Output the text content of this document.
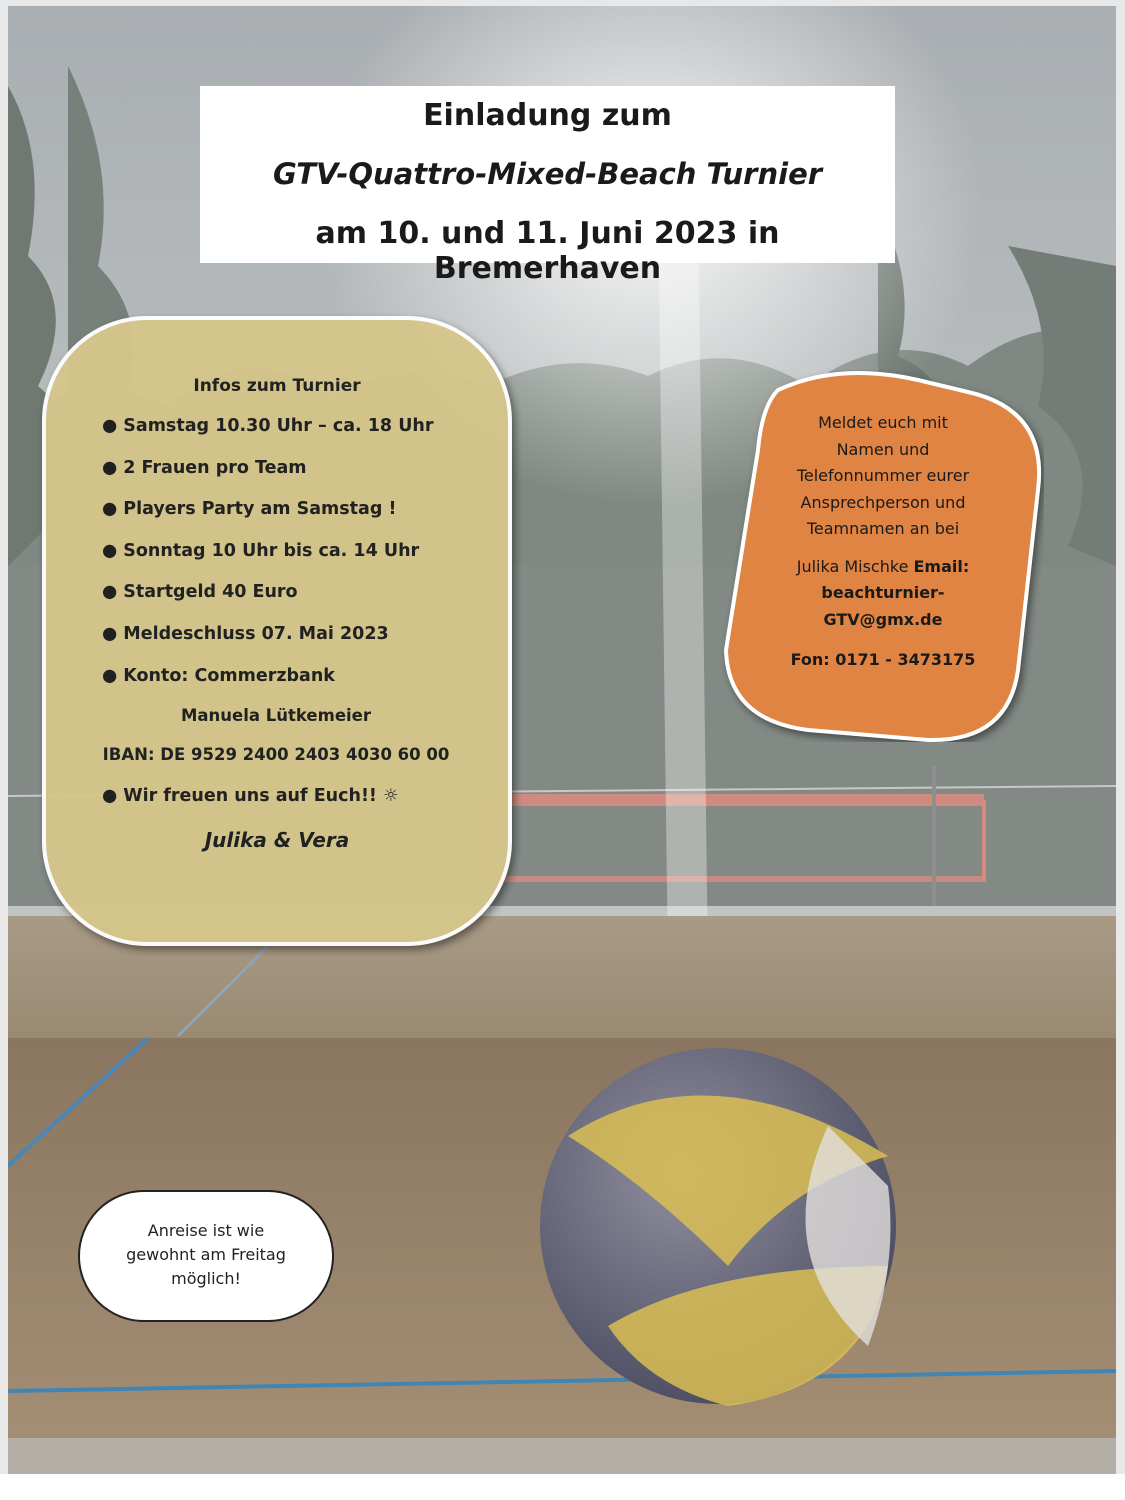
Einladung zum
GTV-Quattro-Mixed-Beach Turnier
am 10. und 11. Juni 2023 in Bremerhaven
Infos zum Turnier
● Samstag 10.30 Uhr – ca. 18 Uhr
● 2 Frauen pro Team
● Players Party am Samstag !
● Sonntag 10 Uhr bis ca. 14 Uhr
● Startgeld 40 Euro
● Meldeschluss 07. Mai 2023
● Konto: Commerzbank
Manuela Lütkemeier
IBAN: DE 9529 2400 2403 4030 60 00
● Wir freuen uns auf Euch!! ☼
Julika & Vera
Meldet euch mit
Namen und
Telefonnummer eurer
Ansprechperson und
Teamnamen an bei
Julika Mischke Email:
beachturnier-
GTV@gmx.de
Fon: 0171 - 3473175
Anreise ist wie
gewohnt am Freitag
möglich!
